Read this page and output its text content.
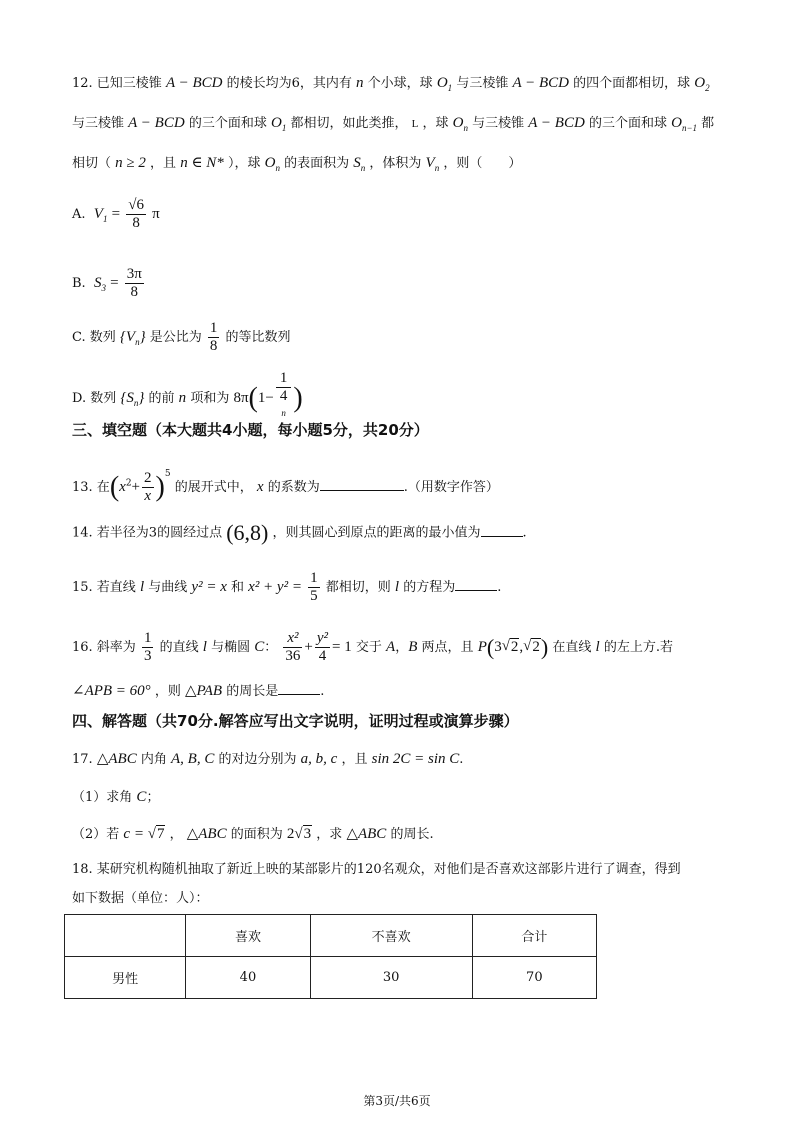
12. 已知三棱锥 A − BCD 的棱长均为6，其内有 n 个小球，球 $O_1$ 与三棱锥 A − BCD 的四个面都相切，球 $O_2$
与三棱锥 A − BCD 的三个面和球 $O_1$ 都相切，如此类推， L ，球 $O_n$ 与三棱锥 A − BCD 的三个面和球 $O_{n-1}$ 都
相切（ n ≥ 2 ，且 n ∈ N* ），球 $O_n$ 的表面积为 $S_n$ ，体积为 $V_n$ ，则（　　）
A. $V_1 = \frac{√6}{8}$ π
B. $S_3 = \frac{3\pi}{8}$
C. 数列 $\{V_n\}$ 是公比为 $\frac{1}{8}$ 的等比数列
D. 数列 $\{S_n\}$ 的前 n 项和为 8π(1− 1
4
$^n$ )
三、填空题（本大题共4小题，每小题5分，共20分）
13. 在$(x^2+ \frac{2}{x} )^5$ 的展开式中， x 的系数为	.（用数字作答）
14. 若半径为3的圆经过点 (6,8) ，则其圆心到原点的距离的最小值为	.
15. 若直线 l 与曲线 y² = x 和 $x^2 + y^2 = \frac{1}{5}$ 都相切，则 l 的方程为	.
16. 斜率为 $\frac{1}{3}$ 的直线 l 与椭圆 C： $\frac{\text{x²}}{36} + \frac{\text{y²}}{4} = 1$ 交于 A，B 两点，且 P(3√2,√2) 在直线 l 的左上方.若
∠APB = 60° ，则 △PAB 的周长是	.
四、解答题（共70分.解答应写出文字说明，证明过程或演算步骤）
17. △ABC 内角 A, B, C 的对边分别为 a, b, c ，且 sin 2C = sin C.
（1）求角 C；
（2）若 c = √7 ， △ABC 的面积为 2√3 ，求 △ABC 的周长.
18. 某研究机构随机抽取了新近上映的某部影片的120名观众，对他们是否喜欢这部影片进行了调查，得到
如下数据（单位：人）：
	喜欢	不喜欢	合计
男性	40	30	70
第3页/共6页
